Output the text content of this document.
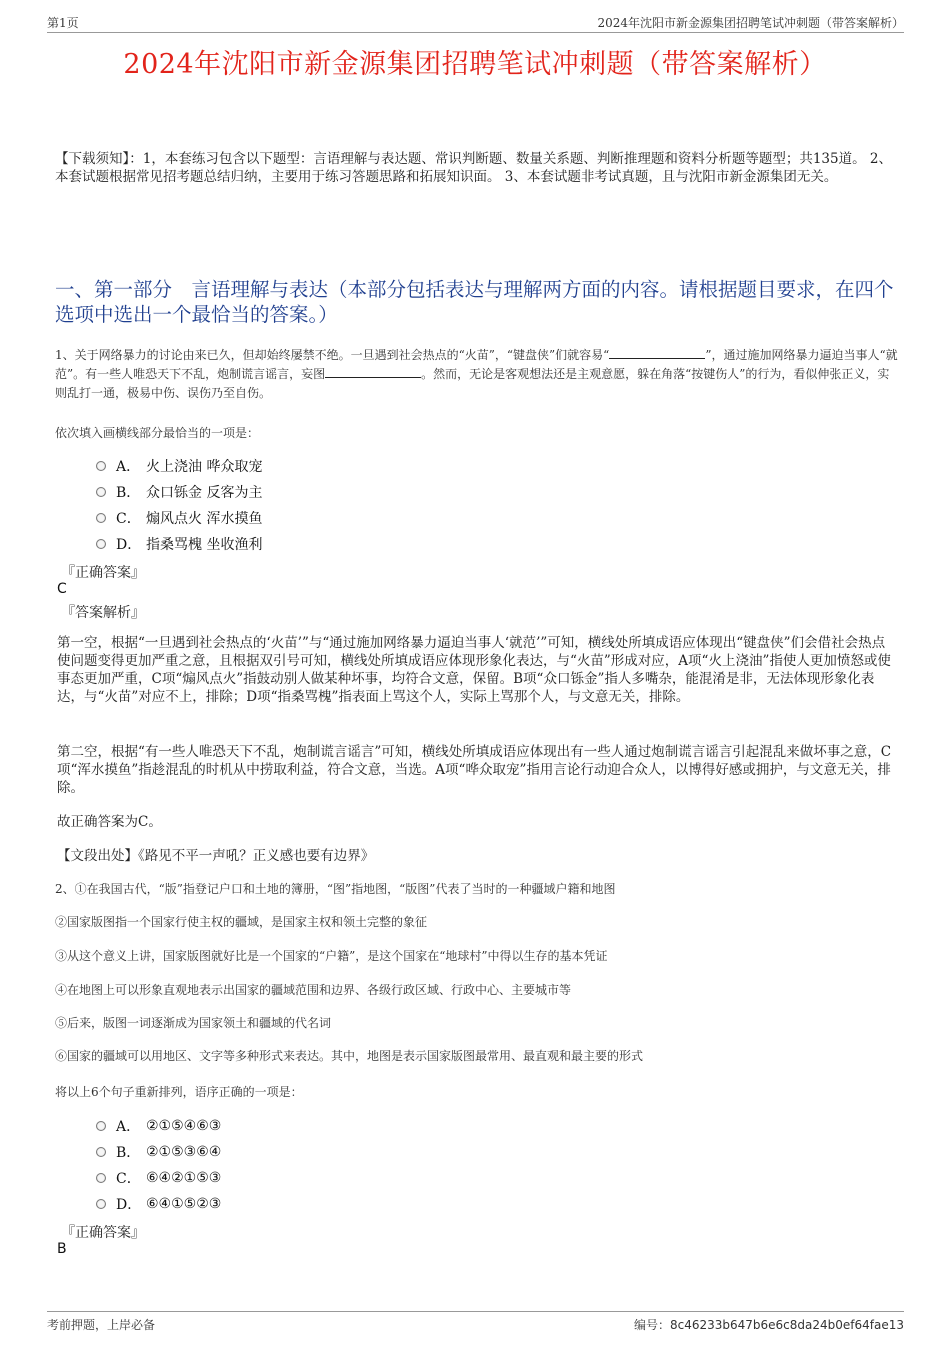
第1页	2024年沈阳市新金源集团招聘笔试冲刺题（带答案解析）
2024年沈阳市新金源集团招聘笔试冲刺题（带答案解析）
【下载须知】：1，本套练习包含以下题型：言语理解与表达题、常识判断题、数量关系题、判断推理题和资料分析题等题型；共135道。 2、本套试题根据常见招考题总结归纳，主要用于练习答题思路和拓展知识面。 3、本套试题非考试真题，且与沈阳市新金源集团无关。
一、第一部分　言语理解与表达（本部分包括表达与理解两方面的内容。请根据题目要求，在四个选项中选出一个最恰当的答案。）
1、关于网络暴力的讨论由来已久，但却始终屡禁不绝。一旦遇到社会热点的“火苗”，“键盘侠”们就容易“	”，通过施加网络暴力逼迫当事人“就范”。有一些人唯恐天下不乱，炮制谎言谣言，妄图	。然而，无论是客观想法还是主观意愿，躲在角落“按键伤人”的行为，看似伸张正义，实则乱打一通，极易中伤、误伤乃至自伤。
依次填入画横线部分最恰当的一项是：
A． 火上浇油 哗众取宠
B． 众口铄金 反客为主
C． 煽风点火 浑水摸鱼
D． 指桑骂槐 坐收渔利
『正确答案』
C
『答案解析』
第一空，根据“一旦遇到社会热点的‘火苗’”与“通过施加网络暴力逼迫当事人‘就范’”可知，横线处所填成语应体现出“键盘侠”们会借社会热点使问题变得更加严重之意，且根据双引号可知，横线处所填成语应体现形象化表达，与“火苗”形成对应，A项“火上浇油”指使人更加愤怒或使事态更加严重，C项“煽风点火”指鼓动别人做某种坏事，均符合文意，保留。B项“众口铄金”指人多嘴杂，能混淆是非，无法体现形象化表达，与“火苗”对应不上，排除；D项“指桑骂槐”指表面上骂这个人，实际上骂那个人，与文意无关，排除。
第二空，根据“有一些人唯恐天下不乱，炮制谎言谣言”可知，横线处所填成语应体现出有一些人通过炮制谎言谣言引起混乱来做坏事之意，C项“浑水摸鱼”指趁混乱的时机从中捞取利益，符合文意，当选。A项“哗众取宠”指用言论行动迎合众人，以博得好感或拥护，与文意无关，排除。
故正确答案为C。
【文段出处】《路见不平一声吼？正义感也要有边界》
2、①在我国古代，“版”指登记户口和土地的簿册，“图”指地图，“版图”代表了当时的一种疆域户籍和地图
②国家版图指一个国家行使主权的疆域，是国家主权和领土完整的象征
③从这个意义上讲，国家版图就好比是一个国家的“户籍”，是这个国家在“地球村”中得以生存的基本凭证
④在地图上可以形象直观地表示出国家的疆域范围和边界、各级行政区域、行政中心、主要城市等
⑤后来，版图一词逐渐成为国家领土和疆域的代名词
⑥国家的疆域可以用地区、文字等多种形式来表达。其中，地图是表示国家版图最常用、最直观和最主要的形式
将以上6个句子重新排列，语序正确的一项是：
A． ②①⑤④⑥③
B． ②①⑤③⑥④
C． ⑥④②①⑤③
D． ⑥④①⑤②③
『正确答案』
B
考前押题，上岸必备	编号：8c46233b647b6e6c8da24b0ef64fae13
